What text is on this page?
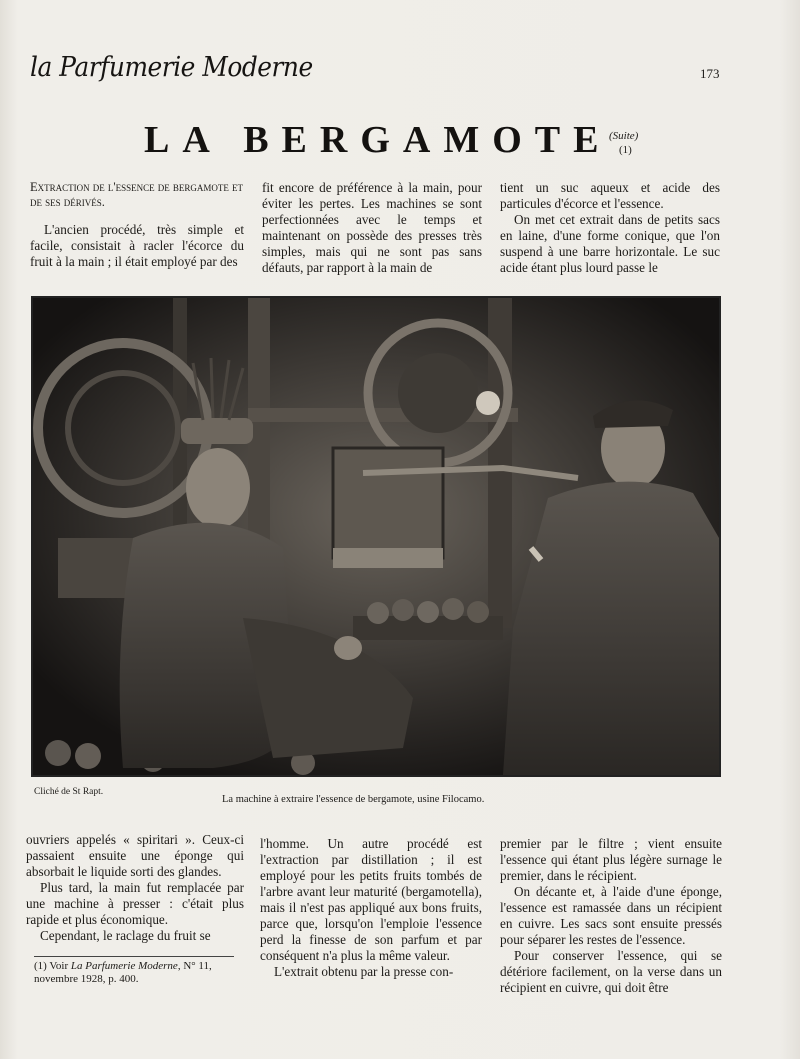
la Parfumerie Moderne	173
LA BERGAMOTE
(Suite)
(1)

Extraction de l'essence de bergamote et de ses dérivés.

L'ancien procédé, très simple et facile, consistait à racler l'écorce du fruit à la main ; il était employé par des

fit encore de préférence à la main, pour éviter les pertes. Les machines se sont perfectionnées avec le temps et maintenant on possède des presses très simples, mais qui ne sont pas sans défauts, par rapport à la main de

tient un suc aqueux et acide des particules d'écorce et l'essence.

On met cet extrait dans de petits sacs en laine, d'une forme conique, que l'on suspend à une barre horizontale. Le suc acide étant plus lourd passe le

Cliché de St Rapt.
La machine à extraire l'essence de bergamote, usine Filocamo.

ouvriers appelés « spiritari ». Ceux-ci passaient ensuite une éponge qui absorbait le liquide sorti des glandes.

Plus tard, la main fut remplacée par une machine à presser : c'était plus rapide et plus économique.

Cependant, le raclage du fruit se

l'homme. Un autre procédé est l'extraction par distillation ; il est employé pour les petits fruits tombés de l'arbre avant leur maturité (bergamotella), mais il n'est pas appliqué aux bons fruits, parce que, lorsqu'on l'emploie l'essence perd la finesse de son parfum et par conséquent n'a plus la même valeur.

L'extrait obtenu par la presse con-

premier par le filtre ; vient ensuite l'essence qui étant plus légère surnage le premier, dans le récipient.

On décante et, à l'aide d'une éponge, l'essence est ramassée dans un récipient en cuivre. Les sacs sont ensuite pressés pour séparer les restes de l'essence.

Pour conserver l'essence, qui se détériore facilement, on la verse dans un récipient en cuivre, qui doit être

(1) Voir La Parfumerie Moderne, N° 11, novembre 1928, p. 400.
